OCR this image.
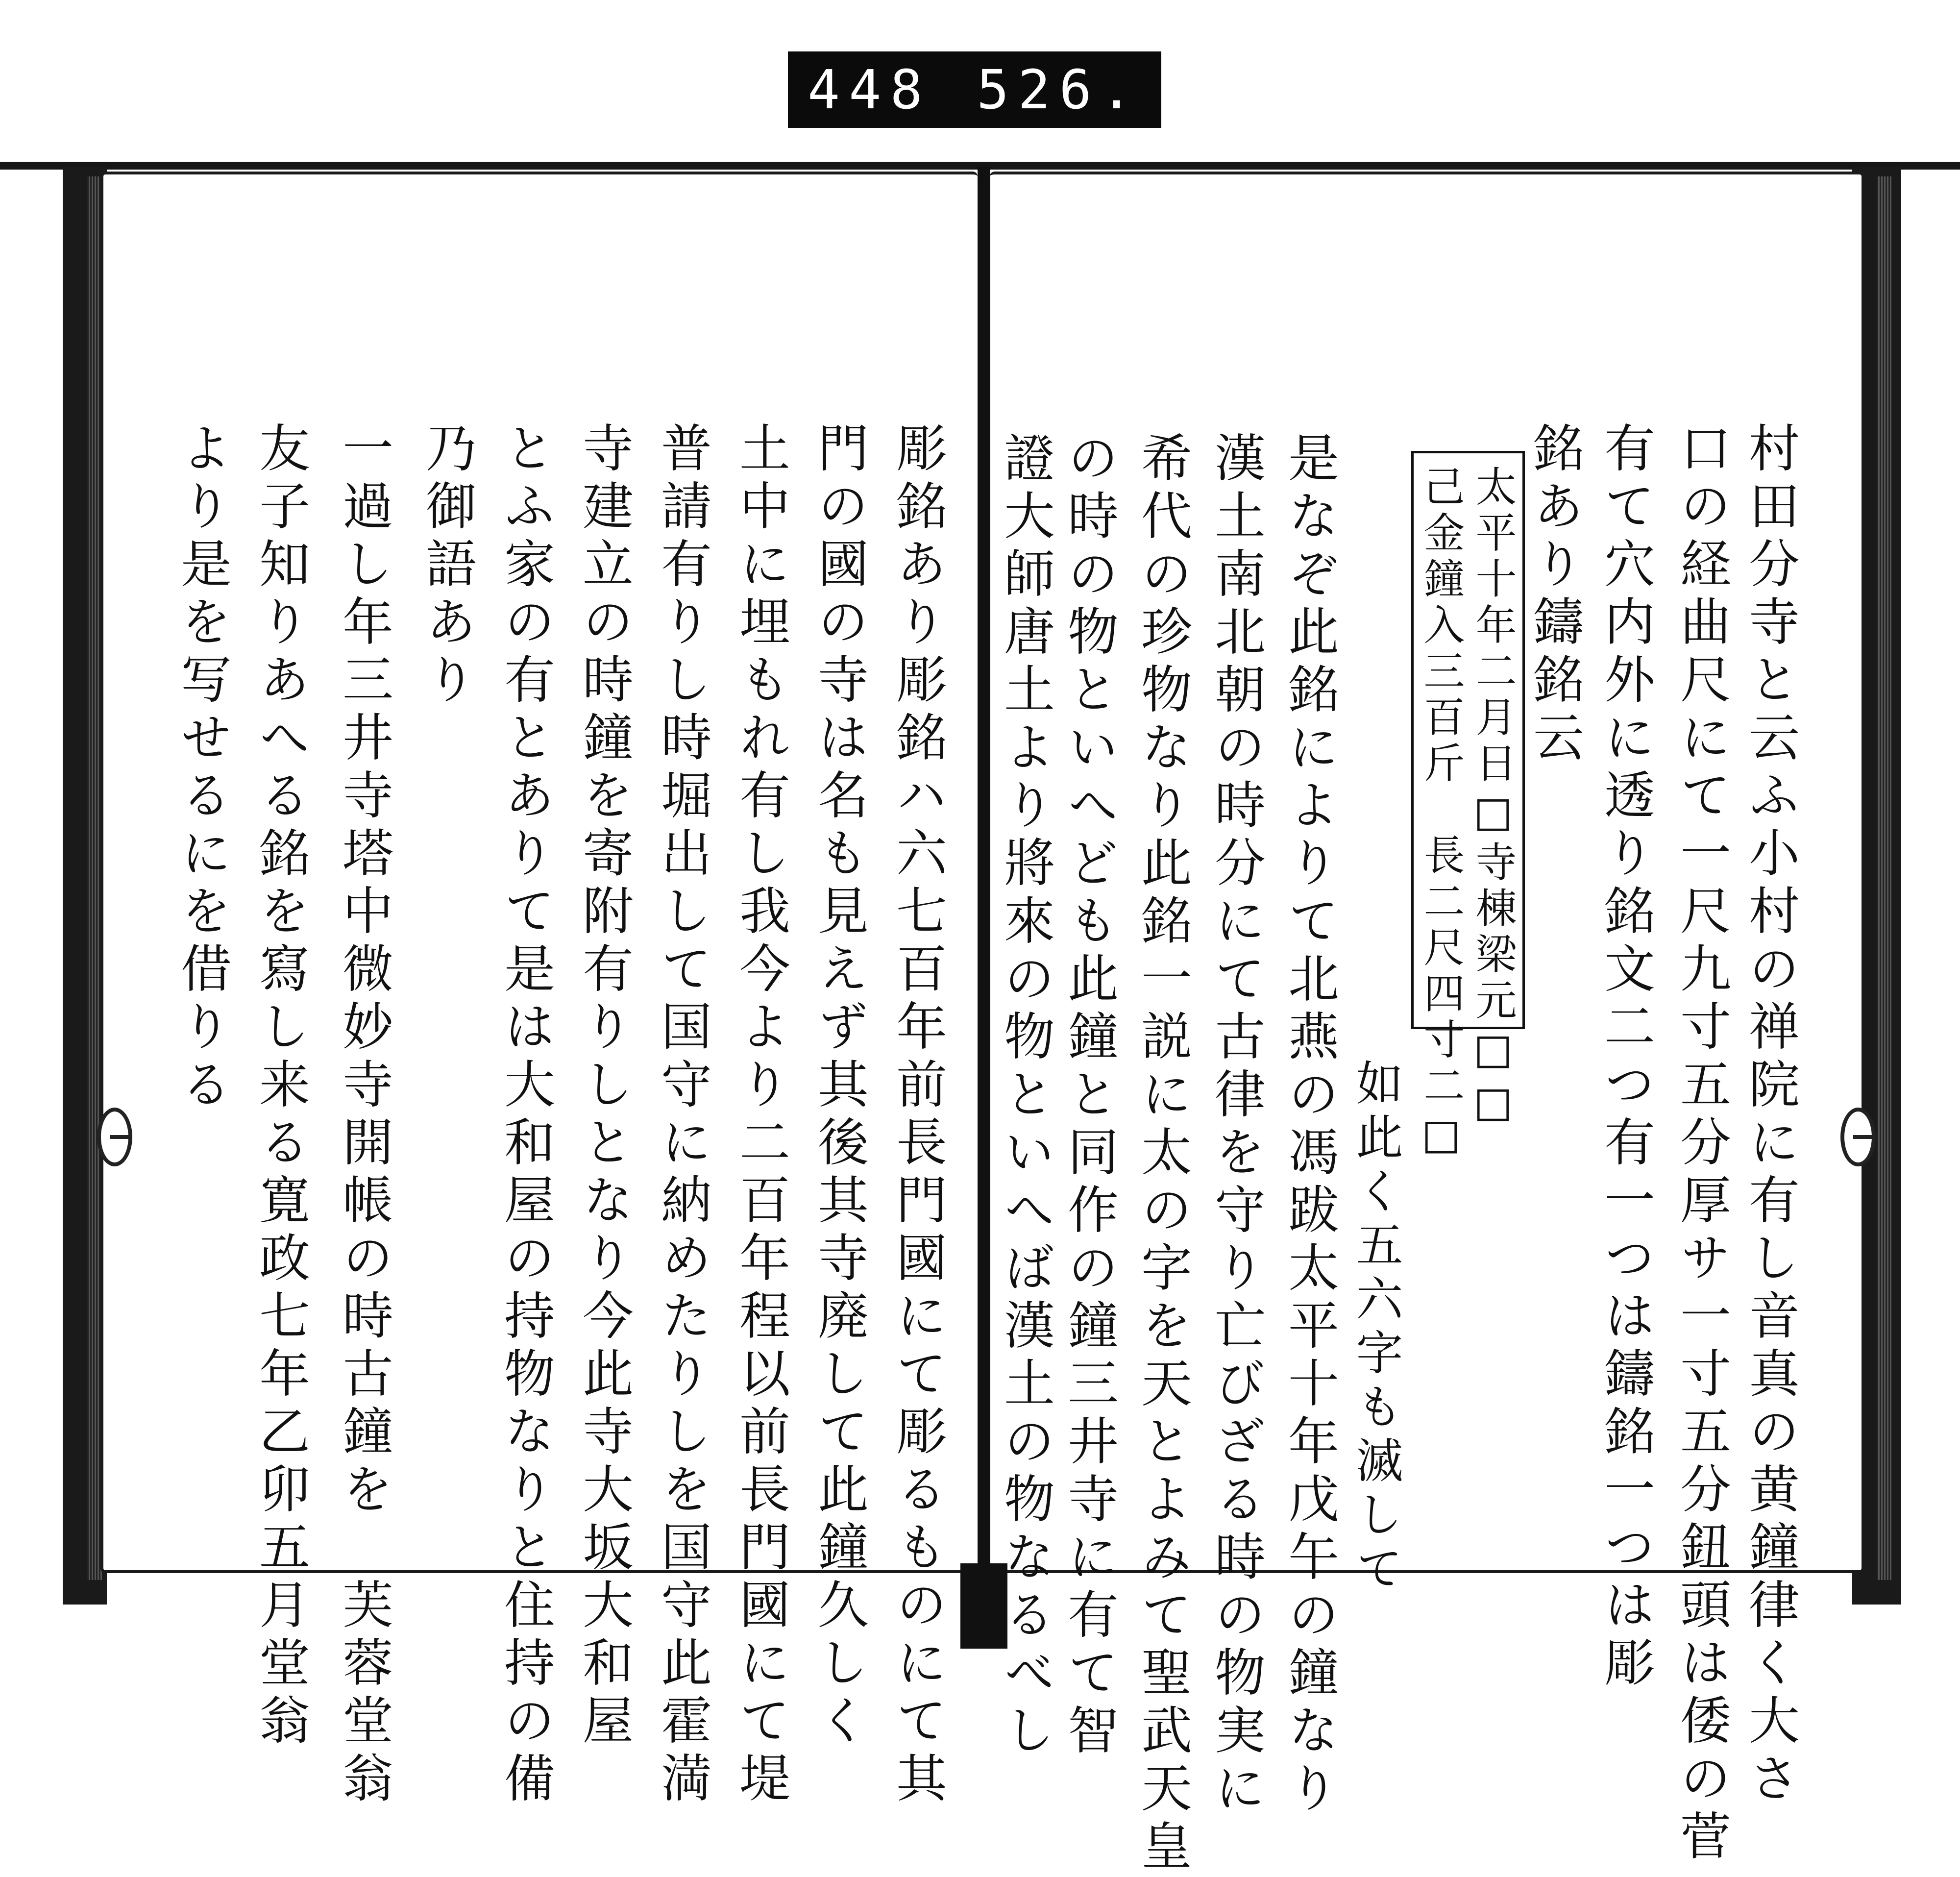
448 526.
村田分寺と云ふ小村の禅院に有し音真の黄鐘律く大さ
口の経曲尺にて一尺九寸五分厚サ一寸五分鈕頭は倭の菅
有て穴内外に透り銘文二つ有一つは鑄銘一つは彫
銘あり鑄銘云
太平十年二月日□寺棟梁元□□
己金鐘入三百斤　長二尺四寸二□
如此く五六字も滅して
是なぞ此銘によりて北燕の馮跋太平十年戊午の鐘なり
漢土南北朝の時分にて古律を守り亡びざる時の物実に
希代の珍物なり此銘一説に太の字を天とよみて聖武天皇
の時の物といへども此鐘と同作の鐘三井寺に有て智
證大師唐土より將來の物といへば漢土の物なるべし
彫銘あり彫銘ハ六七百年前長門國にて彫るものにて其
門の國の寺は名も見えず其後其寺廃して此鐘久しく
土中に埋もれ有し我今より二百年程以前長門國にて堤
普請有りし時堀出して国守に納めたりしを国守此霍満
寺建立の時鐘を寄附有りしとなり今此寺大坂大和屋
とふ家の有とありて是は大和屋の持物なりと住持の備
乃御語あり
一過し年三井寺塔中微妙寺開帳の時古鐘を　芙蓉堂翁
友子知りあへる銘を寫し来る寛政七年乙卯五月堂翁
より是を写せるにを借りる
